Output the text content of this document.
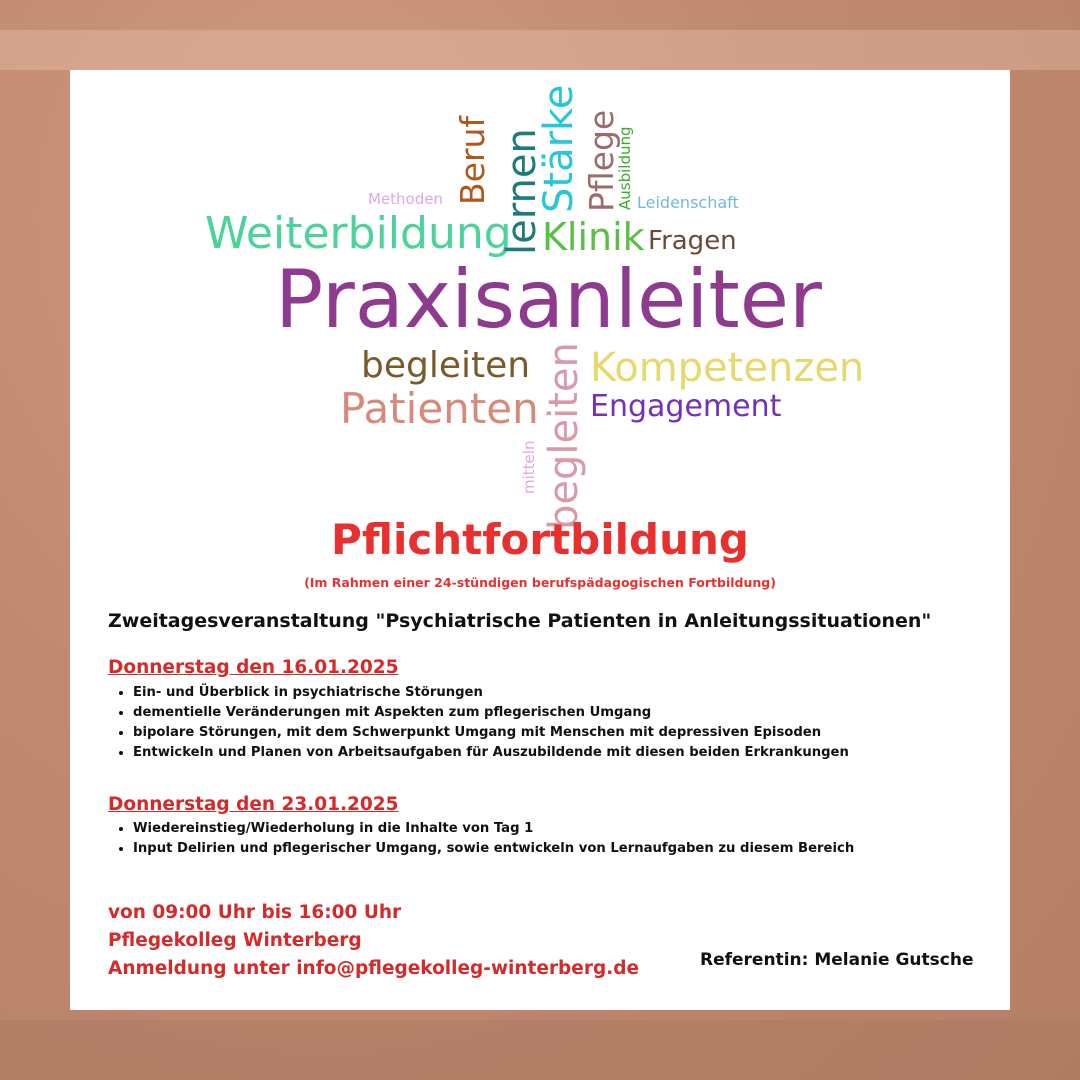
Methoden Beruf
Weiterbildung
lernen
Stärke Pflege
Ausbildung Leidenschaft
Klinik Fragen
Praxisanleiter
begleiten Kompetenzen
Patienten Engagement
begleiten
mitteln
Pflichtfortbildung
(Im Rahmen einer 24-stündigen berufspädagogischen Fortbildung)
Zweitagesveranstaltung "Psychiatrische Patienten in Anleitungssituationen"
Donnerstag den 16.01.2025
• Ein- und Überblick in psychiatrische Störungen
• dementielle Veränderungen mit Aspekten zum pflegerischen Umgang
• bipolare Störungen, mit dem Schwerpunkt Umgang mit Menschen mit depressiven Episoden
• Entwickeln und Planen von Arbeitsaufgaben für Auszubildende mit diesen beiden Erkrankungen
Donnerstag den 23.01.2025
• Wiedereinstieg/Wiederholung in die Inhalte von Tag 1
• Input Delirien und pflegerischer Umgang, sowie entwickeln von Lernaufgaben zu diesem Bereich
von 09:00 Uhr bis 16:00 Uhr
Pflegekolleg Winterberg
Anmeldung unter info@pflegekolleg-winterberg.de	Referentin: Melanie Gutsche
